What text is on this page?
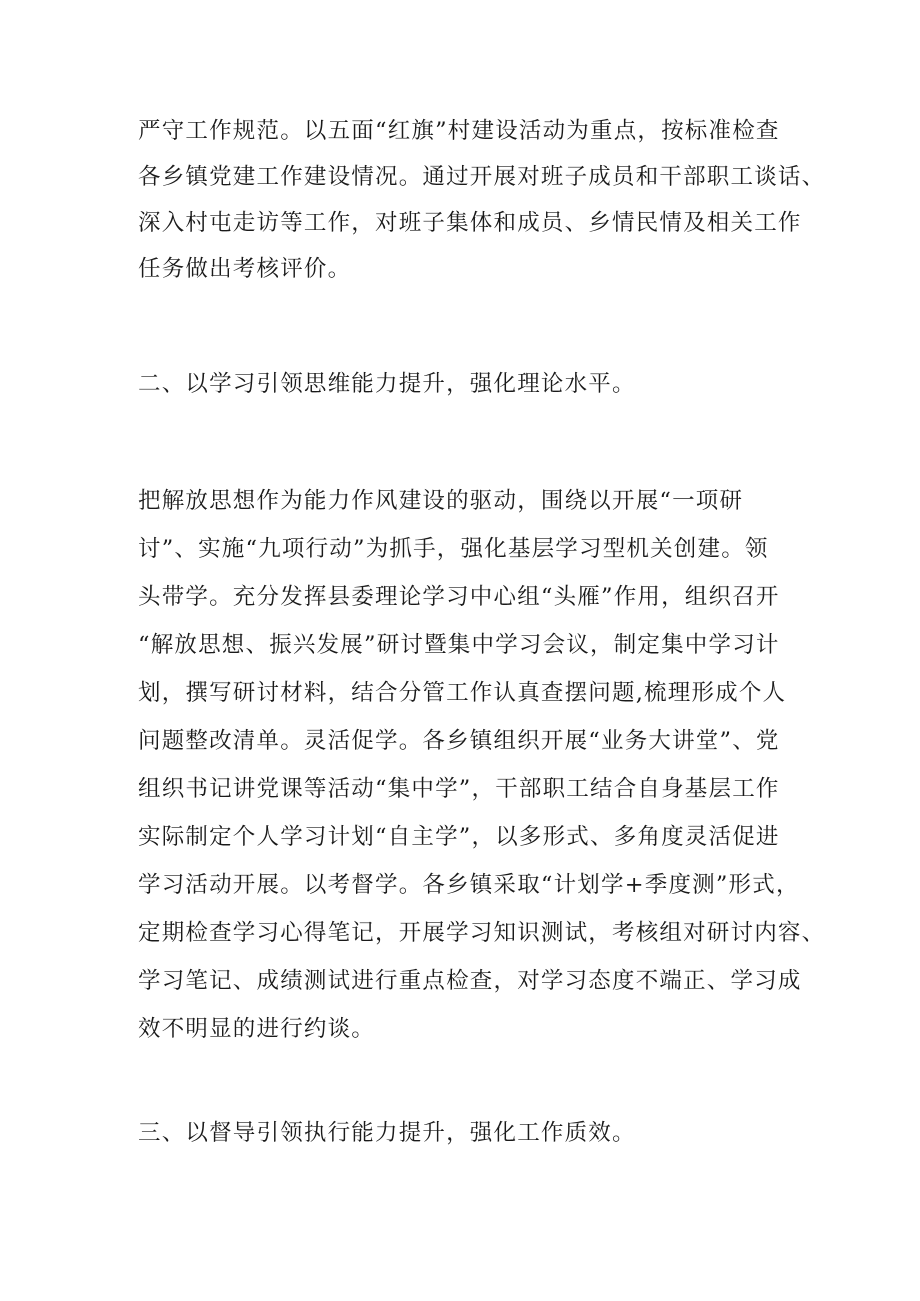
严守工作规范。以五面“红旗”村建设活动为重点，按标准检查
各乡镇党建工作建设情况。通过开展对班子成员和干部职工谈话、
深入村屯走访等工作，对班子集体和成员、乡情民情及相关工作
任务做出考核评价。
二、以学习引领思维能力提升，强化理论水平。
把解放思想作为能力作风建设的驱动，围绕以开展“一项研
讨”、实施“九项行动”为抓手，强化基层学习型机关创建。领
头带学。充分发挥县委理论学习中心组“头雁”作用，组织召开
“解放思想、振兴发展”研讨暨集中学习会议，制定集中学习计
划，撰写研讨材料，结合分管工作认真查摆问题,梳理形成个人
问题整改清单。灵活促学。各乡镇组织开展“业务大讲堂”、党
组织书记讲党课等活动“集中学”，干部职工结合自身基层工作
实际制定个人学习计划“自主学”，以多形式、多角度灵活促进
学习活动开展。以考督学。各乡镇采取“计划学+季度测”形式，
定期检查学习心得笔记，开展学习知识测试，考核组对研讨内容、
学习笔记、成绩测试进行重点检查，对学习态度不端正、学习成
效不明显的进行约谈。
三、以督导引领执行能力提升，强化工作质效。
